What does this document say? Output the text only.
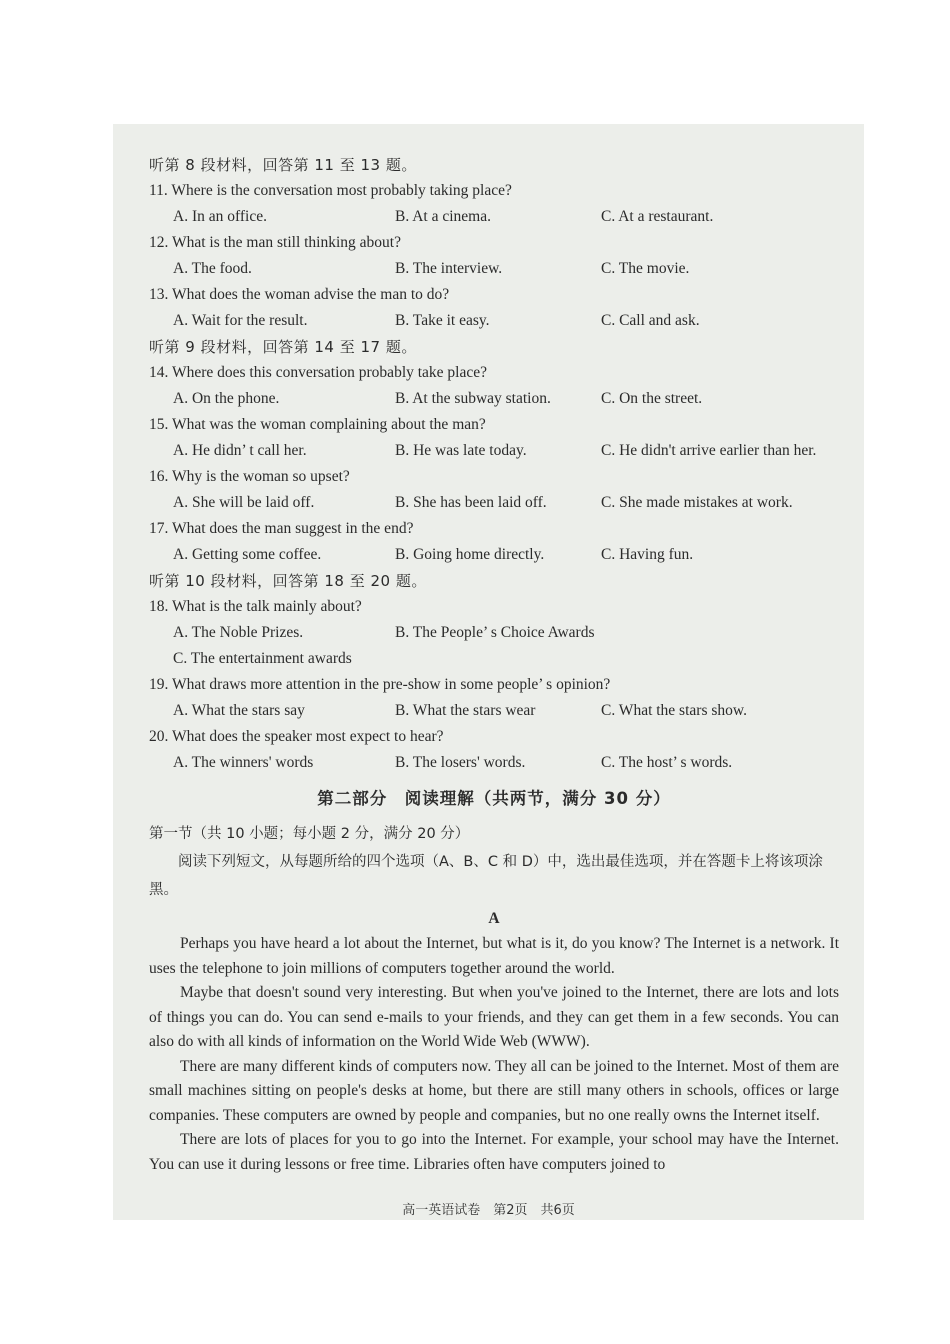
听第 8 段材料，回答第 11 至 13 题。
11. Where is the conversation most probably taking place?
A. In an office.	B. At a cinema.	C. At a restaurant.
12. What is the man still thinking about?
A. The food.	B. The interview.	C. The movie.
13. What does the woman advise the man to do?
A. Wait for the result.	B. Take it easy.	C. Call and ask.
听第 9 段材料，回答第 14 至 17 题。
14. Where does this conversation probably take place?
A. On the phone.	B. At the subway station.	C. On the street.
15. What was the woman complaining about the man?
A. He didn’ t call her.	B. He was late today.	C. He didn't arrive earlier than her.
16. Why is the woman so upset?
A. She will be laid off.	B. She has been laid off.	C. She made mistakes at work.
17. What does the man suggest in the end?
A. Getting some coffee.	B. Going home directly.	C. Having fun.
听第 10 段材料，回答第 18 至 20 题。
18. What is the talk mainly about?
A. The Noble Prizes.	B. The People’ s Choice Awards
C. The entertainment awards
19. What draws more attention in the pre-show in some people’ s opinion?
A. What the stars say	B. What the stars wear	C. What the stars show.
20. What does the speaker most expect to hear?
A. The winners' words	B. The losers' words.	C. The host’ s words.
第二部分　阅读理解（共两节，满分 30 分）
第一节（共 10 小题；每小题 2 分，满分 20 分）

阅读下列短文，从每题所给的四个选项（A、B、C 和 D）中，选出最佳选项，并在答题卡上将该项涂黑。

A

Perhaps you have heard a lot about the Internet, but what is it, do you know? The Internet is a network. It uses the telephone to join millions of computers together around the world.

Maybe that doesn't sound very interesting. But when you've joined to the Internet, there are lots and lots of things you can do. You can send e-mails to your friends, and they can get them in a few seconds. You can also do with all kinds of information on the World Wide Web (WWW).

There are many different kinds of computers now. They all can be joined to the Internet. Most of them are small machines sitting on people's desks at home, but there are still many others in schools, offices or large companies. These computers are owned by people and companies, but no one really owns the Internet itself.

There are lots of places for you to go into the Internet. For example, your school may have the Internet. You can use it during lessons or free time. Libraries often have computers joined to

高一英语试卷　第2页　共6页
